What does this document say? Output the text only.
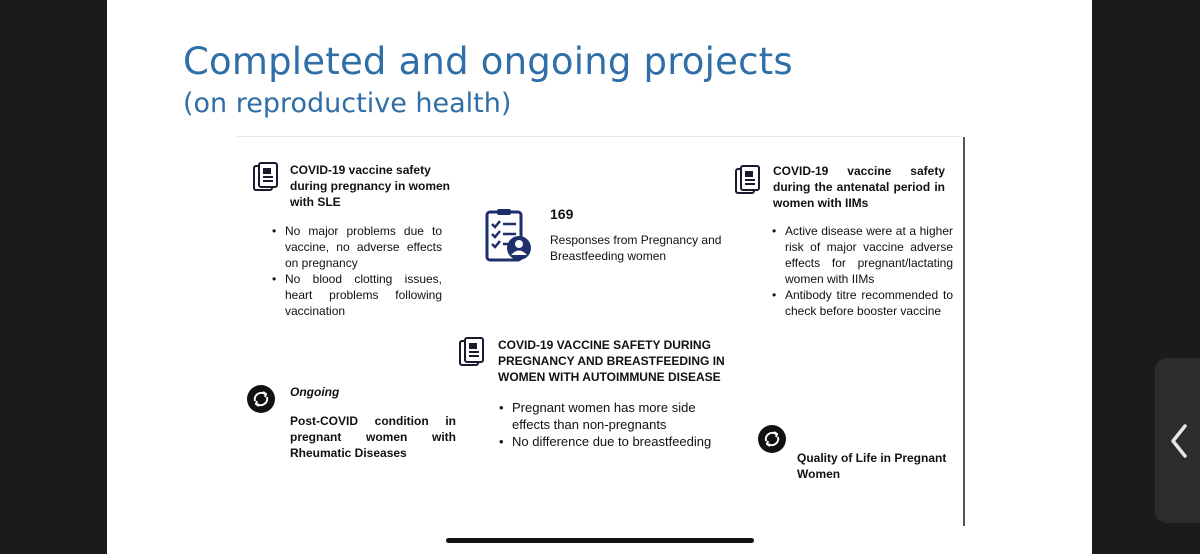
Completed and ongoing projects
(on reproductive health)

COVID-19 vaccine safety during pregnancy in women with SLE

• No major problems due to vaccine, no adverse effects on pregnancy
• No blood clotting issues, heart problems following vaccination

169

Responses from Pregnancy and Breastfeeding women

COVID-19 vaccine safety during the antenatal period in women with IIMs

• Active disease were at a higher risk of major vaccine adverse effects for pregnant/lactating women with IIMs
• Antibody titre recommended to check before booster vaccine

COVID-19 VACCINE SAFETY DURING PREGNANCY AND BREASTFEEDING IN WOMEN WITH AUTOIMMUNE DISEASE

• Pregnant women has more side effects than non-pregnants
• No difference due to breastfeeding

Ongoing

Post-COVID condition in pregnant women with Rheumatic Diseases	Quality of Life in Pregnant Women
